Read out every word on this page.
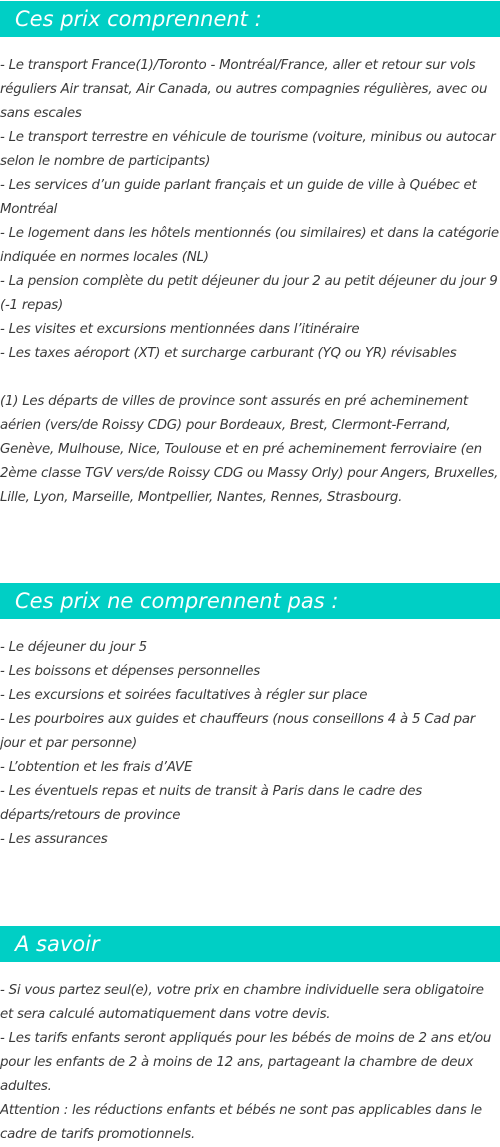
Ces prix comprennent :

- Le transport France(1)/Toronto - Montréal/France, aller et retour sur vols réguliers Air transat, Air Canada, ou autres compagnies régulières, avec ou sans escales

- Le transport terrestre en véhicule de tourisme (voiture, minibus ou autocar selon le nombre de participants)

- Les services d’un guide parlant français et un guide de ville à Québec et Montréal

- Le logement dans les hôtels mentionnés (ou similaires) et dans la catégorie indiquée en normes locales (NL)

- La pension complète du petit déjeuner du jour 2 au petit déjeuner du jour 9 (-1 repas)

- Les visites et excursions mentionnées dans l’itinéraire

- Les taxes aéroport (XT) et surcharge carburant (YQ ou YR) révisables

(1) Les départs de villes de province sont assurés en pré acheminement aérien (vers/de Roissy CDG) pour Bordeaux, Brest, Clermont-Ferrand, Genève, Mulhouse, Nice, Toulouse et en pré acheminement ferroviaire (en 2ème classe TGV vers/de Roissy CDG ou Massy Orly) pour Angers, Bruxelles, Lille, Lyon, Marseille, Montpellier, Nantes, Rennes, Strasbourg.

Ces prix ne comprennent pas :

- Le déjeuner du jour 5

- Les boissons et dépenses personnelles

- Les excursions et soirées facultatives à régler sur place

- Les pourboires aux guides et chauffeurs (nous conseillons 4 à 5 Cad par jour et par personne)

- L’obtention et les frais d’AVE

- Les éventuels repas et nuits de transit à Paris dans le cadre des départs/retours de province

- Les assurances

A savoir

- Si vous partez seul(e), votre prix en chambre individuelle sera obligatoire et sera calculé automatiquement dans votre devis.

- Les tarifs enfants seront appliqués pour les bébés de moins de 2 ans et/ou pour les enfants de 2 à moins de 12 ans, partageant la chambre de deux adultes.

Attention : les réductions enfants et bébés ne sont pas applicables dans le cadre de tarifs promotionnels.
